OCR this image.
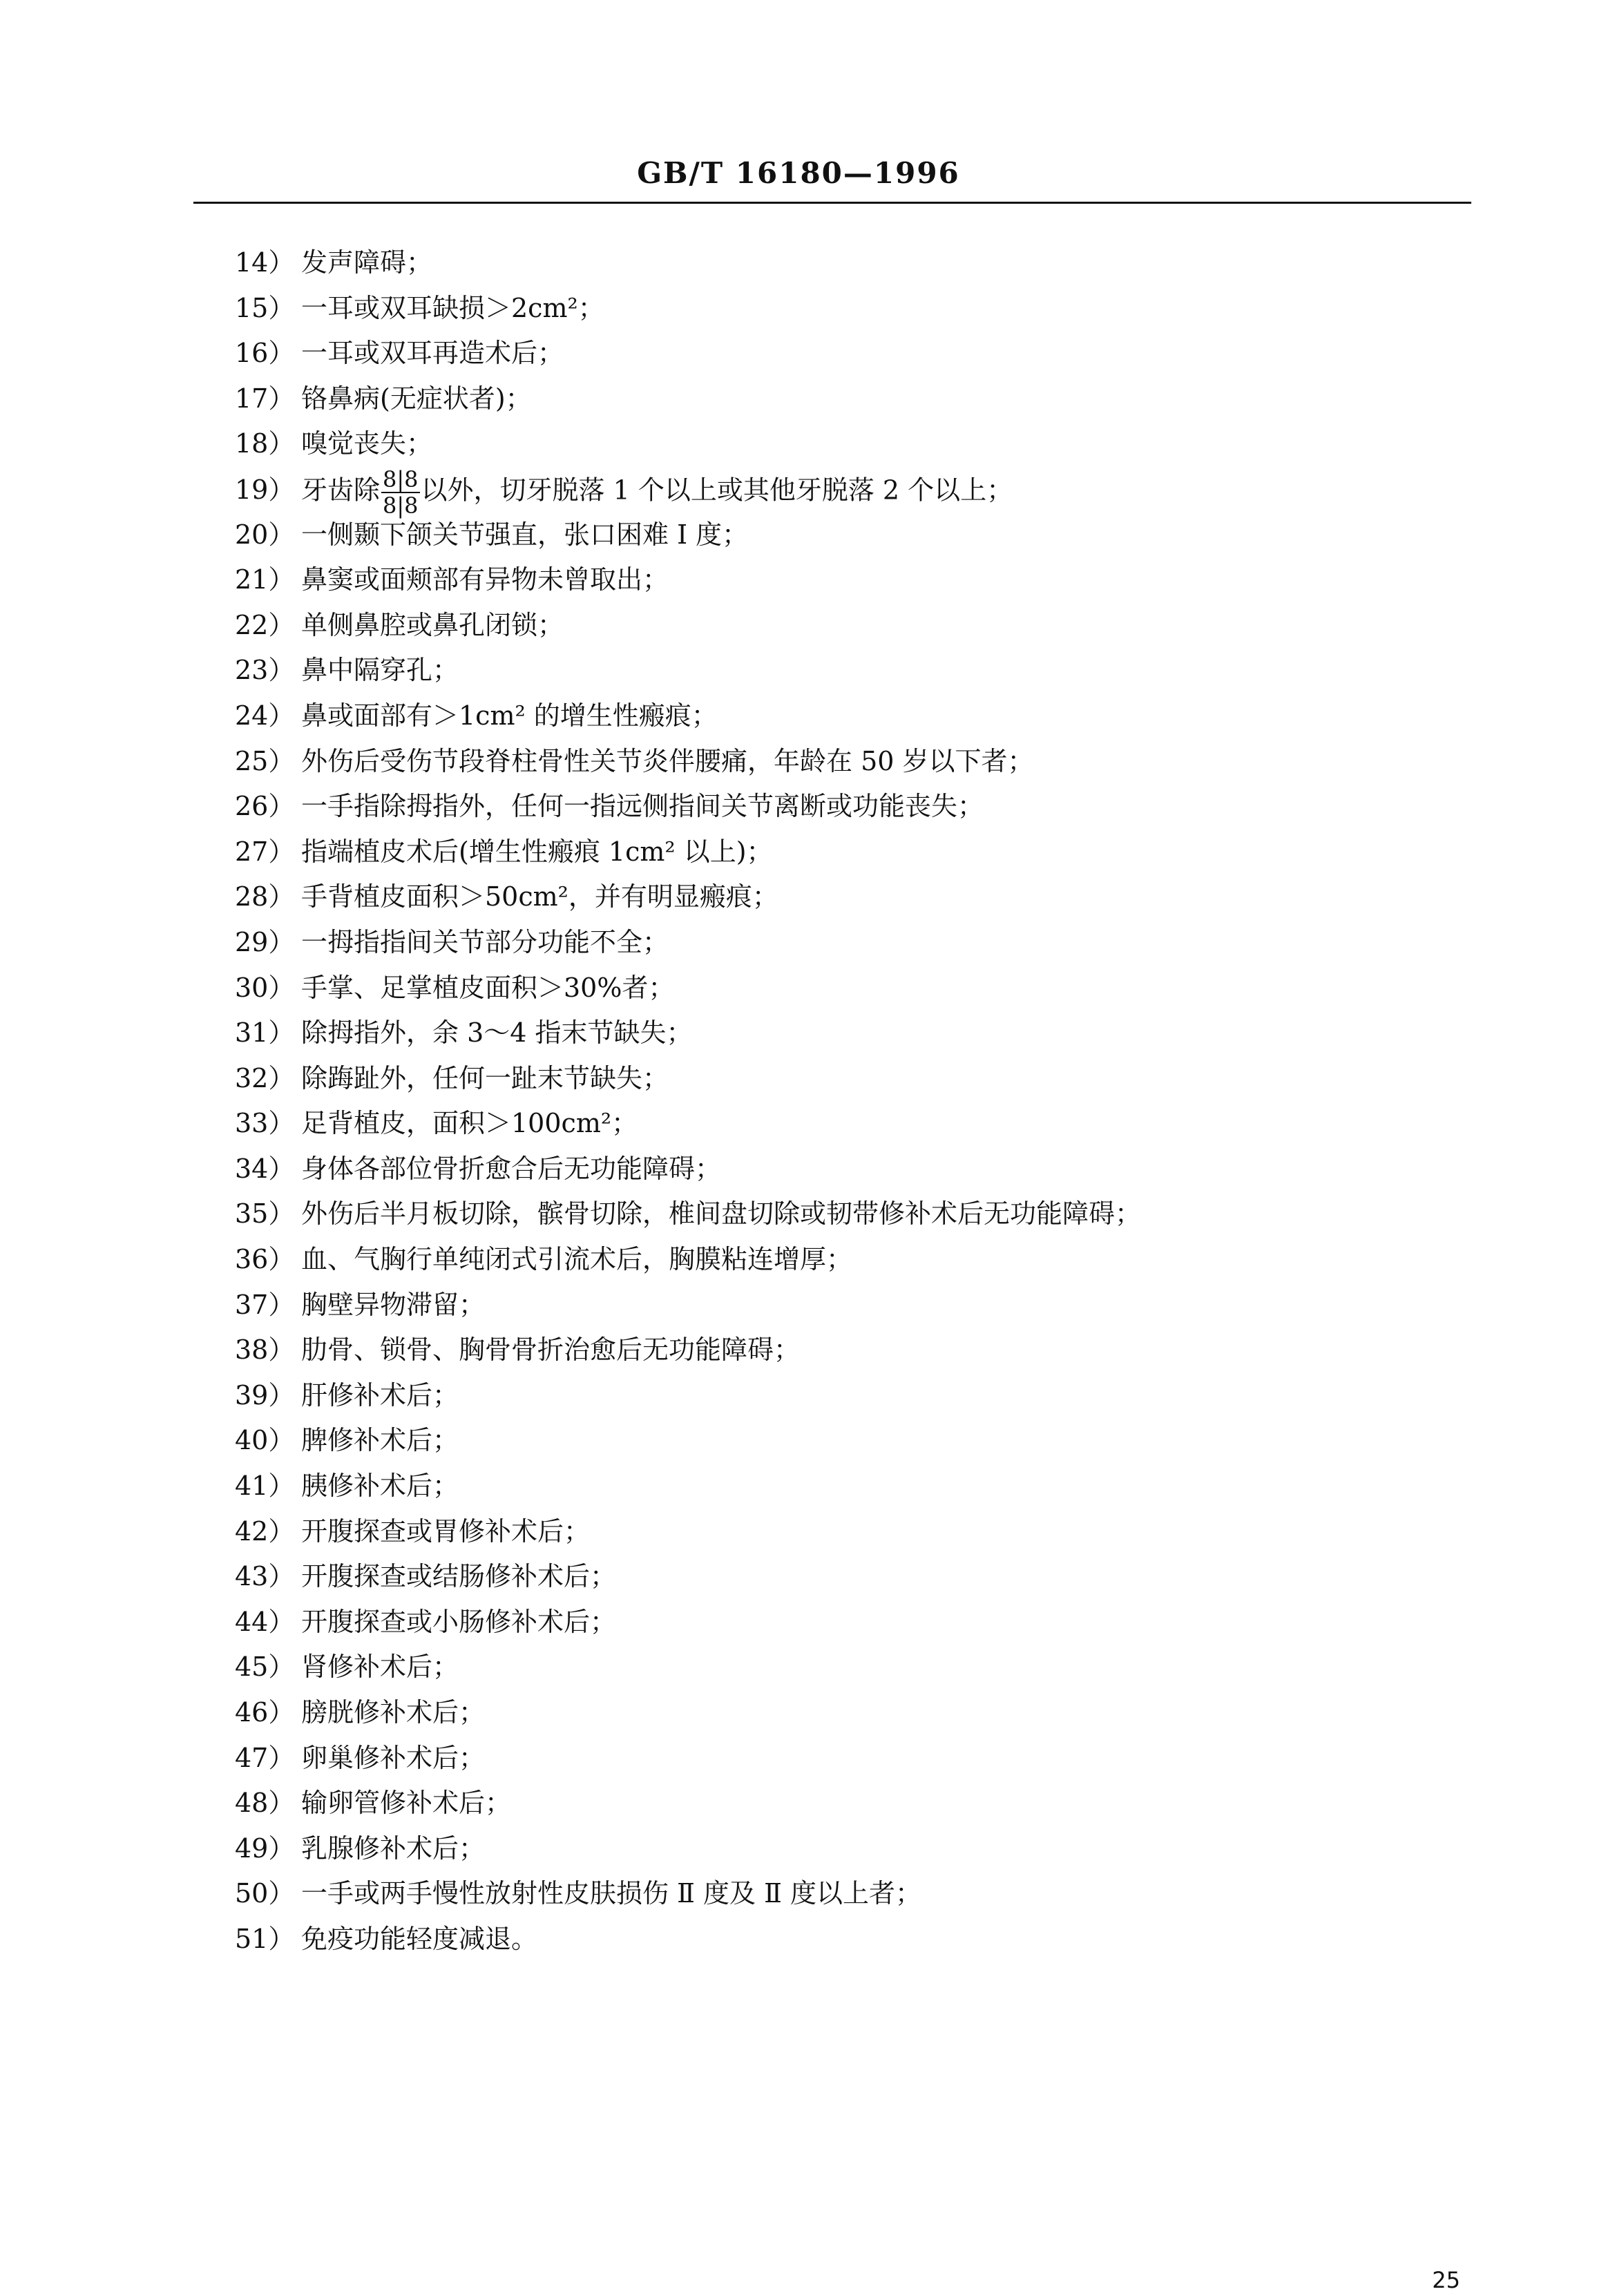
GB/T 16180—1996
14） 发声障碍；
15） 一耳或双耳缺损＞2cm²；
16） 一耳或双耳再造术后；
17） 铬鼻病(无症状者)；
18） 嗅觉丧失；
19） 牙齿除 $\frac{8|8}{8|8}$ 以外，切牙脱落 1 个以上或其他牙脱落 2 个以上；
20） 一侧颞下颌关节强直，张口困难 I 度；
21） 鼻窦或面颊部有异物未曾取出；
22） 单侧鼻腔或鼻孔闭锁；
23） 鼻中隔穿孔；
24） 鼻或面部有＞1cm² 的增生性瘢痕；
25） 外伤后受伤节段脊柱骨性关节炎伴腰痛，年龄在 50 岁以下者；
26） 一手指除拇指外，任何一指远侧指间关节离断或功能丧失；
27） 指端植皮术后(增生性瘢痕 1cm² 以上)；
28） 手背植皮面积＞50cm²，并有明显瘢痕；
29） 一拇指指间关节部分功能不全；
30） 手掌、足掌植皮面积＞30%者；
31） 除拇指外，余 3～4 指末节缺失；
32） 除踇趾外，任何一趾末节缺失；
33） 足背植皮，面积＞100cm²；
34） 身体各部位骨折愈合后无功能障碍；
35） 外伤后半月板切除，髌骨切除，椎间盘切除或韧带修补术后无功能障碍；
36） 血、气胸行单纯闭式引流术后，胸膜粘连增厚；
37） 胸壁异物滞留；
38） 肋骨、锁骨、胸骨骨折治愈后无功能障碍；
39） 肝修补术后；
40） 脾修补术后；
41） 胰修补术后；
42） 开腹探查或胃修补术后；
43） 开腹探查或结肠修补术后；
44） 开腹探查或小肠修补术后；
45） 肾修补术后；
46） 膀胱修补术后；
47） 卵巢修补术后；
48） 输卵管修补术后；
49） 乳腺修补术后；
50） 一手或两手慢性放射性皮肤损伤 Ⅱ 度及 Ⅱ 度以上者；
51） 免疫功能轻度减退。
25
